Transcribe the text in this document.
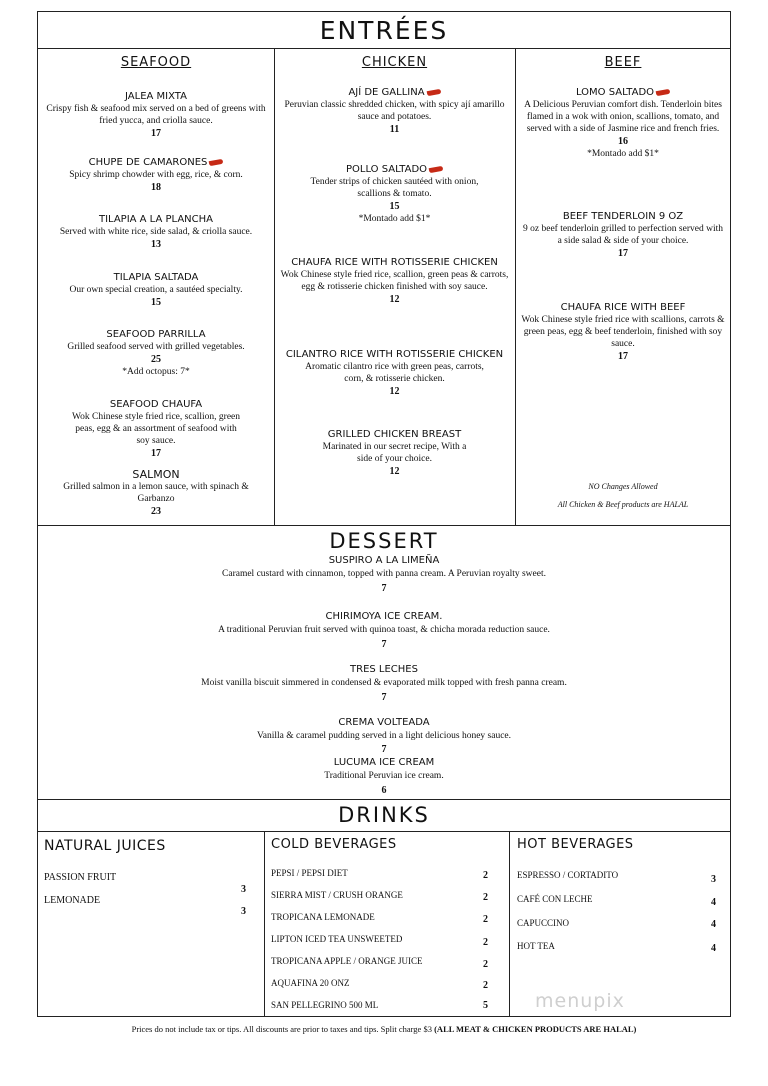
ENTRÉES
SEAFOOD
JALEA MIXTA
Crispy fish & seafood mix served on a bed of greens with fried yucca, and criolla sauce.
17
CHUPE DE CAMARONES
Spicy shrimp chowder with egg, rice, & corn.
18
TILAPIA A LA PLANCHA
Served with white rice, side salad, & criolla sauce.
13
TILAPIA SALTADA
Our own special creation, a sautéed specialty.
15
SEAFOOD PARRILLA
Grilled seafood served with grilled vegetables.
25
*Add octopus: 7*
SEAFOOD CHAUFA
Wok Chinese style fried rice, scallion, green peas, egg & an assortment of seafood with soy sauce.
17
SALMON
Grilled salmon in a lemon sauce, with spinach & Garbanzo
23
CHICKEN
AJÍ DE GALLINA
Peruvian classic shredded chicken, with spicy ají amarillo sauce and potatoes.
11
POLLO SALTADO
Tender strips of chicken sautéed with onion, scallions & tomato.
15
*Montado add $1*
CHAUFA RICE WITH ROTISSERIE CHICKEN
Wok Chinese style fried rice, scallion, green peas & carrots, egg & rotisserie chicken finished with soy sauce.
12
CILANTRO RICE WITH ROTISSERIE CHICKEN
Aromatic cilantro rice with green peas, carrots, corn, & rotisserie chicken.
12
GRILLED CHICKEN BREAST
Marinated in our secret recipe, With a side of your choice.
12
BEEF
LOMO SALTADO
A Delicious Peruvian comfort dish. Tenderloin bites flamed in a wok with onion, scallions, tomato, and served with a side of Jasmine rice and french fries.
16
*Montado add $1*
BEEF TENDERLOIN 9 OZ
9 oz beef tenderloin grilled to perfection served with a side salad & side of your choice.
17
CHAUFA RICE WITH BEEF
Wok Chinese style fried rice with scallions, carrots & green peas, egg & beef tenderloin, finished with soy sauce.
17
NO Changes Allowed
All Chicken & Beef products are HALAL
DESSERT
SUSPIRO A LA LIMEÑA
Caramel custard with cinnamon, topped with panna cream. A Peruvian royalty sweet.
7
CHIRIMOYA ICE CREAM.
A traditional Peruvian fruit served with quinoa toast, & chicha morada reduction sauce.
7
TRES LECHES
Moist vanilla biscuit simmered in condensed & evaporated milk topped with fresh panna cream.
7
CREMA VOLTEADA
Vanilla & caramel pudding served in a light delicious honey sauce.
7
LUCUMA ICE CREAM
Traditional Peruvian ice cream.
6
DRINKS
NATURAL JUICES
PASSION FRUIT
3
LEMONADE
3
COLD BEVERAGES
PEPSI / PEPSI DIET	2
SIERRA MIST / CRUSH ORANGE	2
TROPICANA LEMONADE	2
LIPTON ICED TEA UNSWEETED	2
TROPICANA APPLE / ORANGE JUICE	2
AQUAFINA 20 ONZ	2
SAN PELLEGRINO 500 ML	5
HOT BEVERAGES
ESPRESSO / CORTADITO	3
CAFÉ CON LECHE	4
CAPUCCINO	4
HOT TEA	4
menupix
Prices do not include tax or tips. All discounts are prior to taxes and tips. Split charge $3 (ALL MEAT & CHICKEN PRODUCTS ARE HALAL)
